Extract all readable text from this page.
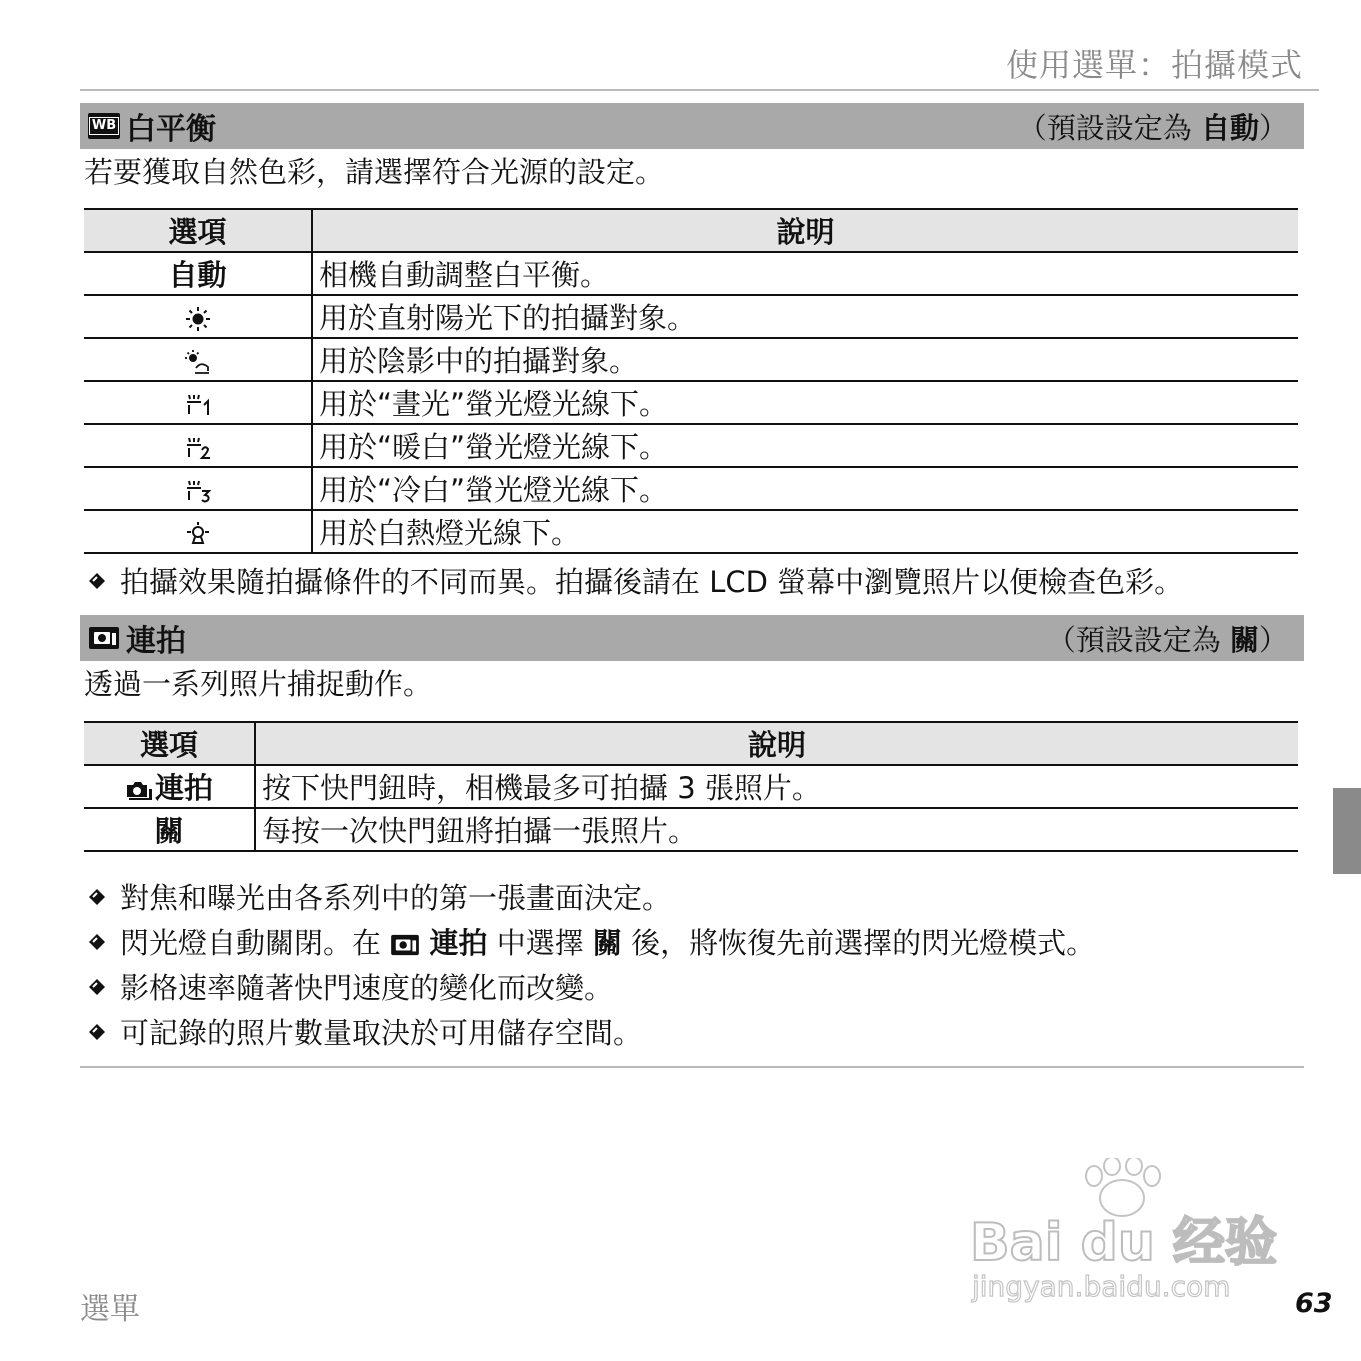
使用選單：拍攝模式
WB 白平衡	（預設設定為 自動）
若要獲取自然色彩，請選擇符合光源的設定。
選項	說明
自動	相機自動調整白平衡。
	用於直射陽光下的拍攝對象。
	用於陰影中的拍攝對象。
	用於“晝光”螢光燈光線下。
	用於“暖白”螢光燈光線下。
	用於“冷白”螢光燈光線下。
	用於白熱燈光線下。
拍攝效果隨拍攝條件的不同而異。拍攝後請在 LCD 螢幕中瀏覽照片以便檢查色彩。
連拍	（預設設定為 關）
透過一系列照片捕捉動作。
選項	說明
連拍	按下快門鈕時，相機最多可拍攝 3 張照片。
關	每按一次快門鈕將拍攝一張照片。
對焦和曝光由各系列中的第一張畫面決定。
閃光燈自動關閉。在 連拍 中選擇 關 後，將恢復先前選擇的閃光燈模式。
影格速率隨著快門速度的變化而改變。
可記錄的照片數量取決於可用儲存空間。
Bai du 经验
jingyan.baidu.com
選單	63
